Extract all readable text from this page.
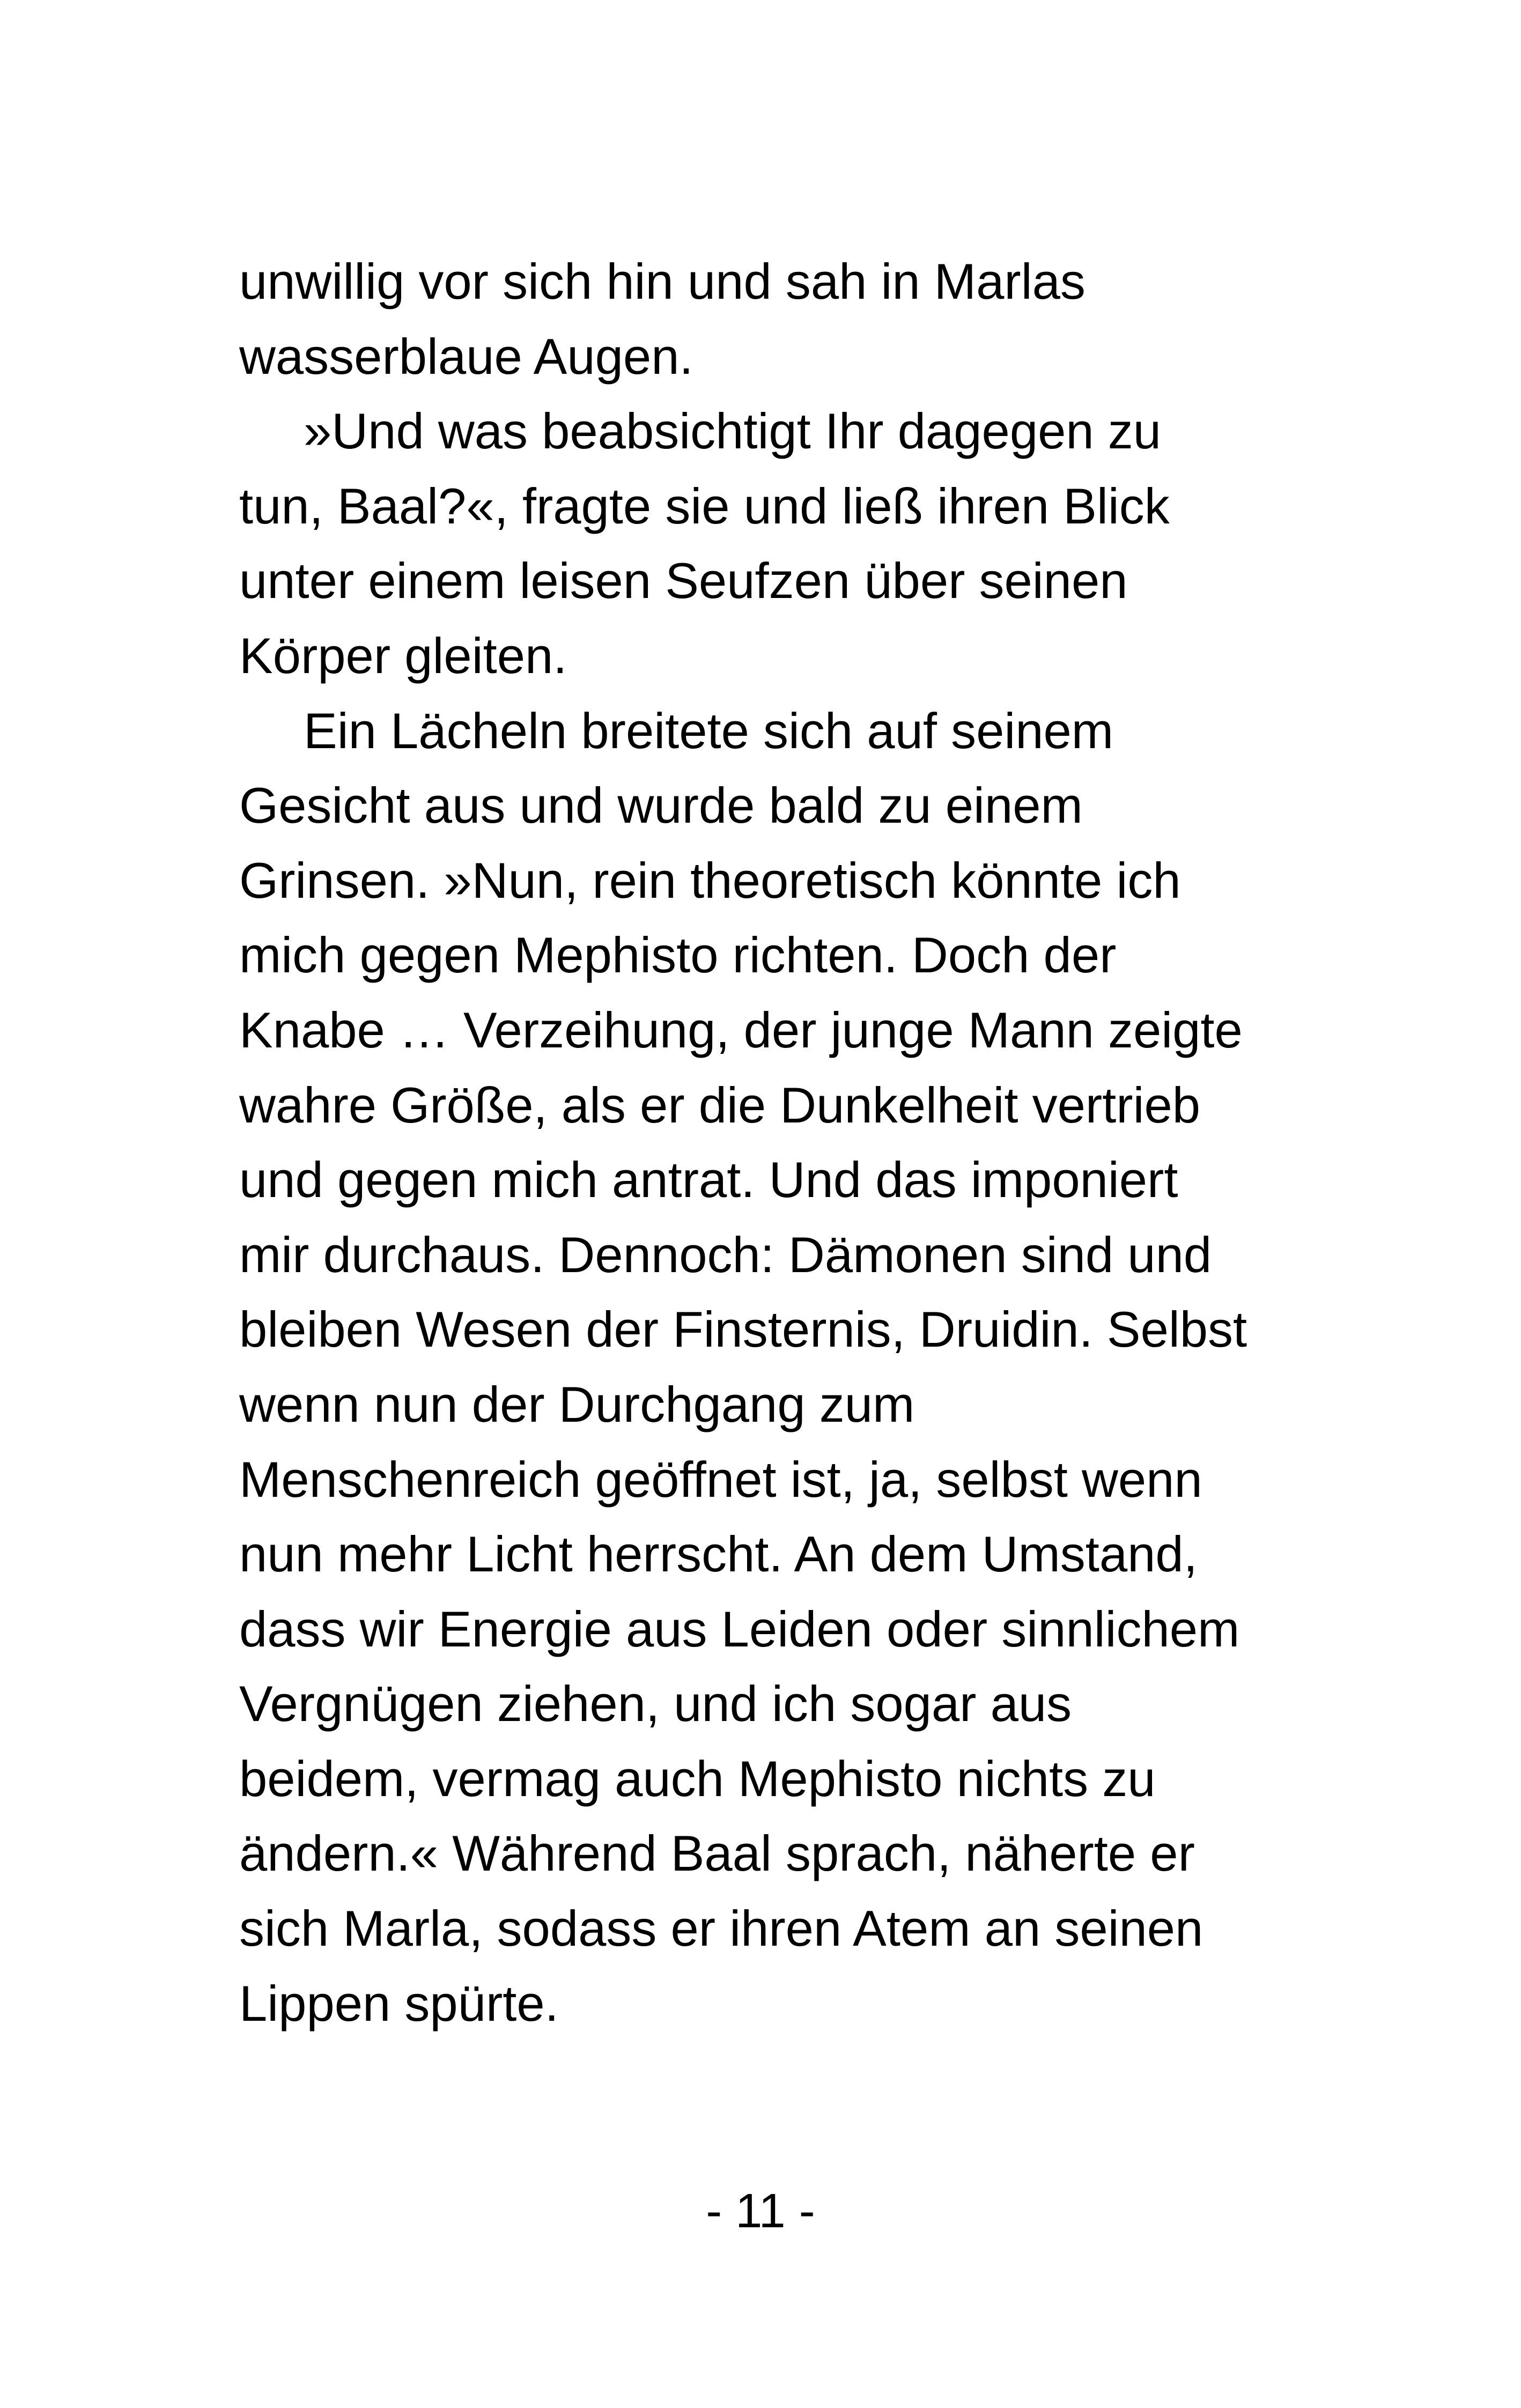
unwillig vor sich hin und sah in Marlas
wasserblaue Augen.
»Und was beabsichtigt Ihr dagegen zu
tun, Baal?«, fragte sie und ließ ihren Blick
unter einem leisen Seufzen über seinen
Körper gleiten.
Ein Lächeln breitete sich auf seinem
Gesicht aus und wurde bald zu einem
Grinsen. »Nun, rein theoretisch könnte ich
mich gegen Mephisto richten. Doch der
Knabe … Verzeihung, der junge Mann zeigte
wahre Größe, als er die Dunkelheit vertrieb
und gegen mich antrat. Und das imponiert
mir durchaus. Dennoch: Dämonen sind und
bleiben Wesen der Finsternis, Druidin. Selbst
wenn nun der Durchgang zum
Menschenreich geöffnet ist, ja, selbst wenn
nun mehr Licht herrscht. An dem Umstand,
dass wir Energie aus Leiden oder sinnlichem
Vergnügen ziehen, und ich sogar aus
beidem, vermag auch Mephisto nichts zu
ändern.« Während Baal sprach, näherte er
sich Marla, sodass er ihren Atem an seinen
Lippen spürte.
- 11 -
